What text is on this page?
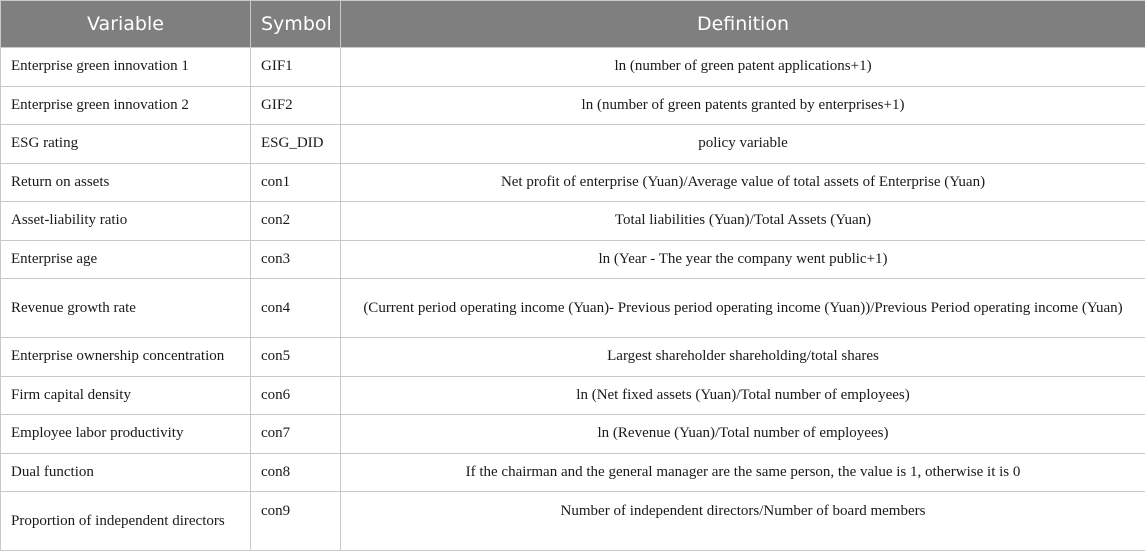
Variable	Symbol	Definition
Enterprise green innovation 1	GIF1	ln (number of green patent applications+1)
Enterprise green innovation 2	GIF2	ln (number of green patents granted by enterprises+1)
ESG rating	ESG_DID	policy variable
Return on assets	con1	Net profit of enterprise (Yuan)/Average value of total assets of Enterprise (Yuan)
Asset-liability ratio	con2	Total liabilities (Yuan)/Total Assets (Yuan)
Enterprise age	con3	ln (Year - The year the company went public+1)
Revenue growth rate	con4	(Current period operating income (Yuan)- Previous period operating income (Yuan))/Previous Period operating income (Yuan)
Enterprise ownership concentration	con5	Largest shareholder shareholding/total shares
Firm capital density	con6	ln (Net fixed assets (Yuan)/Total number of employees)
Employee labor productivity	con7	ln (Revenue (Yuan)/Total number of employees)
Dual function	con8	If the chairman and the general manager are the same person, the value is 1, otherwise it is 0
Proportion of independent directors	con9	Number of independent directors/Number of board members
